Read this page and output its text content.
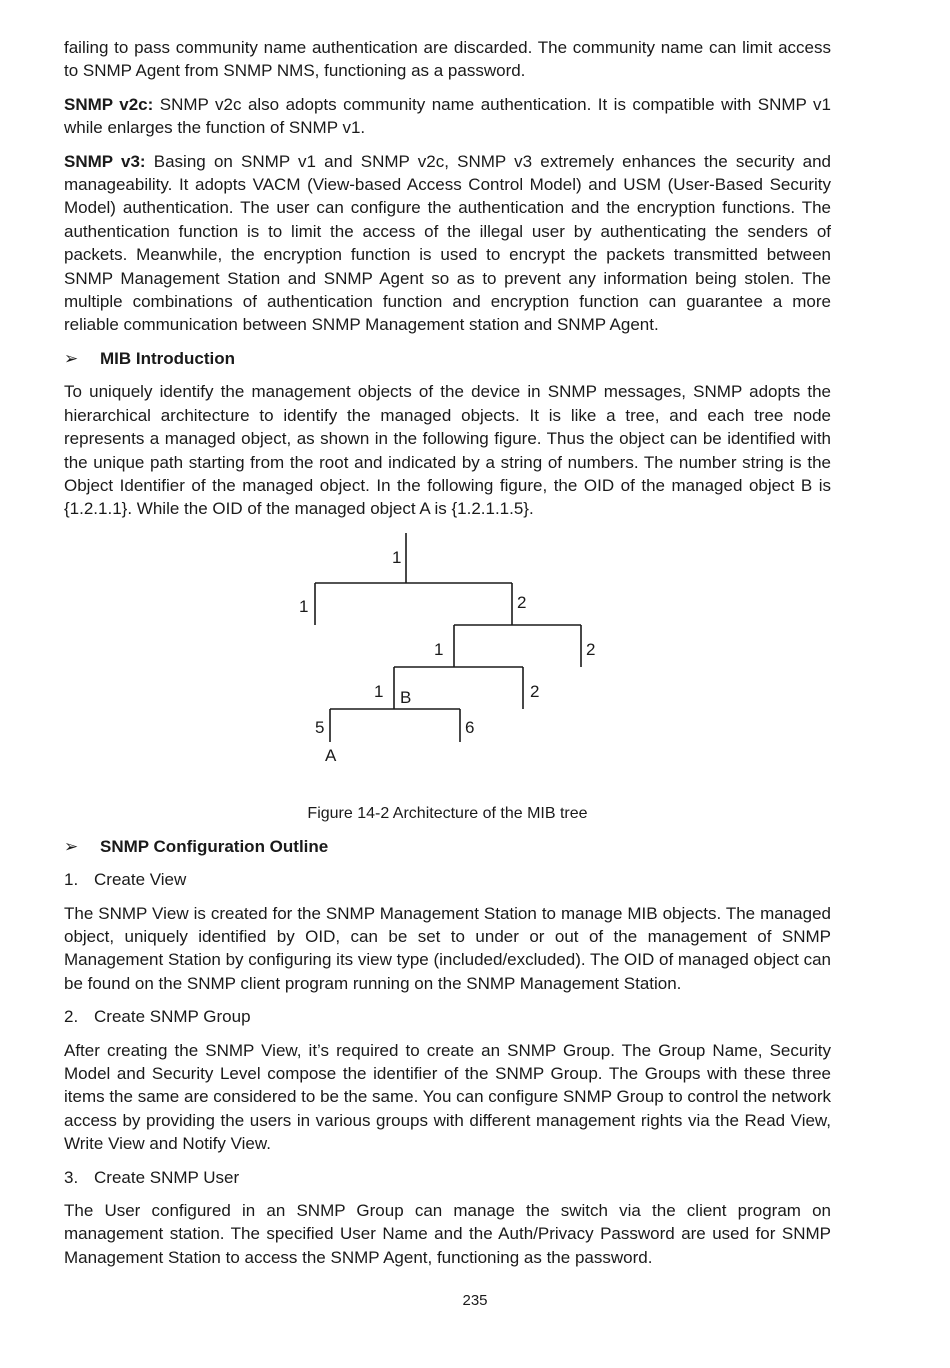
failing to pass community name authentication are discarded. The community name can limit access to SNMP Agent from SNMP NMS, functioning as a password.

SNMP v2c: SNMP v2c also adopts community name authentication. It is compatible with SNMP v1 while enlarges the function of SNMP v1.

SNMP v3: Basing on SNMP v1 and SNMP v2c, SNMP v3 extremely enhances the security and manageability. It adopts VACM (View-based Access Control Model) and USM (User-Based Security Model) authentication. The user can configure the authentication and the encryption functions. The authentication function is to limit the access of the illegal user by authenticating the senders of packets. Meanwhile, the encryption function is used to encrypt the packets transmitted between SNMP Management Station and SNMP Agent so as to prevent any information being stolen. The multiple combinations of authentication function and encryption function can guarantee a more reliable communication between SNMP Management station and SNMP Agent.

➢	MIB Introduction

To uniquely identify the management objects of the device in SNMP messages, SNMP adopts the hierarchical architecture to identify the managed objects. It is like a tree, and each tree node represents a managed object, as shown in the following figure. Thus the object can be identified with the unique path starting from the root and indicated by a string of numbers. The number string is the Object Identifier of the managed object. In the following figure, the OID of the managed object B is {1.2.1.1}. While the OID of the managed object A is {1.2.1.1.5}.

1
1	2
1	2
1 B	2
5	6
A
Figure 14-2 Architecture of the MIB tree
➢	SNMP Configuration Outline
1. Create View

The SNMP View is created for the SNMP Management Station to manage MIB objects. The managed object, uniquely identified by OID, can be set to under or out of the management of SNMP Management Station by configuring its view type (included/excluded). The OID of managed object can be found on the SNMP client program running on the SNMP Management Station.

2. Create SNMP Group

After creating the SNMP View, it’s required to create an SNMP Group. The Group Name, Security Model and Security Level compose the identifier of the SNMP Group. The Groups with these three items the same are considered to be the same. You can configure SNMP Group to control the network access by providing the users in various groups with different management rights via the Read View, Write View and Notify View.

3. Create SNMP User

The User configured in an SNMP Group can manage the switch via the client program on management station. The specified User Name and the Auth/Privacy Password are used for SNMP Management Station to access the SNMP Agent, functioning as the password.

235
